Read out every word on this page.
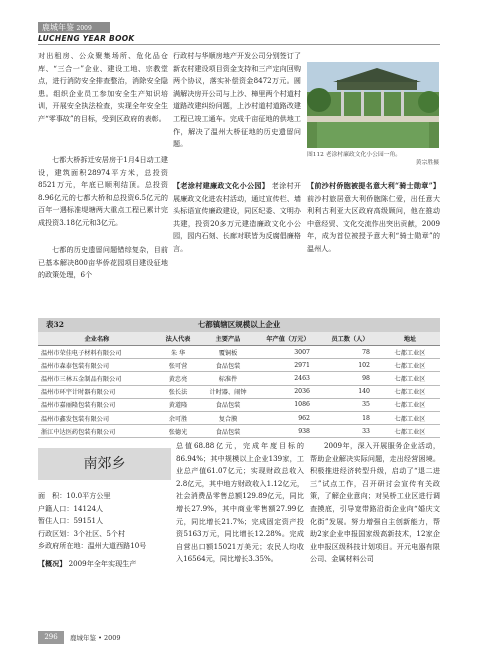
鹿城年鉴 2009
LUCHENG YEAR BOOK

对出租房、公众聚集场所、危化品仓库、“三合一”企业、建设工地、宗教堂点，进行消防安全排查整治，消除安全隐患。组织企业员工参加安全生产知识培训，开展安全执法检查，实现全年安全生产“零事故”的目标，受到区政府的表彰。

七都大桥拆迁安居房于1月4日动工建设，建筑面积28974平方米，总投资8521万元，年底已顺利结顶。总投资8.96亿元的七都大桥和总投资6.5亿元的百年一遇标准堤塘两大重点工程已累计完成投资3.18亿元和3亿元。

七都的历史遗留问题错综复杂，目前已基本解决800亩华侨花园项目建设征地的政策处理，6个

行政村与华顺房地产开发公司分别签订了新农村建设项目资金支持和三产定向回购两个协议，落实补偿资金8472万元。圆满解决房开公司与上沙、樟里两个村道村道路改建纠纷问题，上沙村道村道路改建工程已竣工通车。完成千亩征地的供地工作，解决了温州大桥征地的历史遗留问题。

【老涂村建廉政文化小公园】 老涂村开展廉政文化进农村活动，通过宣传栏、墙头标语宣传廉政建设，同区纪委、文明办共建，投资20多万元建造廉政文化小公园，园内石刻、长廊对联皆为反腐倡廉格言。

图112 老涂村廉政文化小公园一角。
黄宗胜摄

【前沙村侨胞被提名意大利“骑士勋章”】 前沙村旅居意大利侨胞陈仁爱，出任意大利利古利亚大区政府高级顾问，他在推动中意经贸、文化交流作出突出贡献，2009年，成为首位被授予意大利“骑士勋章”的温州人。

表32	七都镇辖区规模以上企业
企业名称	法人代表	主要产品	年产值（万元）	员工数（人）	地址
温州市荣佳电子材料有限公司	朱 华	覆铜板	3007	78	七都工业区
温州市森泰包装有限公司	张可营	食品包装	2971	102	七都工业区
温州市三林五金制品有限公司	黄忠亮	标准件	2463	98	七都工业区
温州市环宇计时器有限公司	张长法	计时器、闹钟	2036	140	七都工业区
温州市嘉丽隆包装有限公司	黄道隆	食品包装	1086	35	七都工业区
温州市鑫发包装有限公司	余可胜	复合膜	962	18	七都工业区
浙江中达医药包装有限公司	张德光	食品包装	938	33	七都工业区
南郊乡
面　积：10.0平方公里
户籍人口：14124人
暂住人口：59151人
行政区划：3个社区、5个村
乡政府所在地：温州大道西路10号
【概况】 2009年全年实现生产

总值68.88亿元，完成年度目标的86.94%；其中规模以上企业139家，工业总产值61.07亿元；实现财政总收入2.8亿元，其中地方财政收入1.12亿元，社会消费品零售总额129.89亿元，同比增长27.9%，其中商业零售额27.99亿元，同比增长21.7%；完成固定资产投资5163万元，同比增长12.28%。完成自营出口额15021万美元；农民人均收入16564元，同比增长3.35%。

2009年，深入开展服务企业活动，帮助企业解决实际问题，走出经营困境。积极推进经济转型升级，启动了“退二进三”试点工作，召开研讨会宣传有关政策，了解企业意向；对吴桥工业区进行调查摸底，引导宽带路沿街企业向“婚庆文化街”发展。努力增强自主创新能力，帮助2家企业申报国家级高新技术，12家企业申报区级科技计划项目。开元电器有限公司、金属材料公司

296	鹿城年鉴 • 2009
